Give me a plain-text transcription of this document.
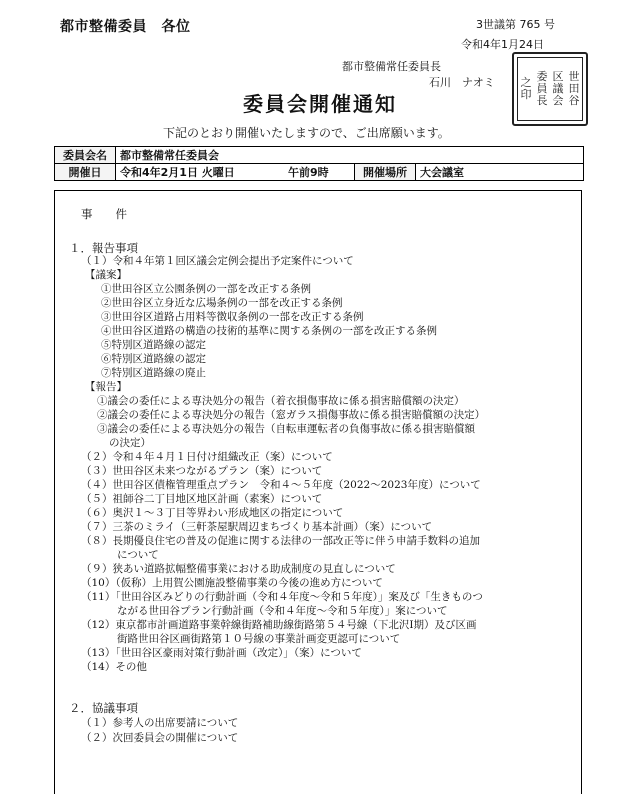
都市整備委員　各位	3世議第 765 号
令和4年1月24日
都市整備常任委員長
石川　ナオミ	世
田
谷
区
議
会
委
員
長
之
印
委員会開催通知
下記のとおり開催いたしますので、ご出席願います。
委員会名	都市整備常任委員会			
開催日	令和4年2月1日 火曜日	午前9時	開催場所	大会議室
事　　件
１．報告事項
（１）令和４年第１回区議会定例会提出予定案件について
【議案】
①世田谷区立公園条例の一部を改正する条例
②世田谷区立身近な広場条例の一部を改正する条例
③世田谷区道路占用料等徴収条例の一部を改正する条例
④世田谷区道路の構造の技術的基準に関する条例の一部を改正する条例
⑤特別区道路線の認定
⑥特別区道路線の認定
⑦特別区道路線の廃止
【報告】
①議会の委任による専決処分の報告（着衣損傷事故に係る損害賠償額の決定）
②議会の委任による専決処分の報告（窓ガラス損傷事故に係る損害賠償額の決定）
③議会の委任による専決処分の報告（自転車運転者の負傷事故に係る損害賠償額
の決定）
（２）令和４年４月１日付け組織改正（案）について
（３）世田谷区未来つながるプラン（案）について
（４）世田谷区債権管理重点プラン　令和４～５年度（2022～2023年度）について
（５）祖師谷二丁目地区地区計画（素案）について
（６）奥沢１～３丁目等界わい形成地区の指定について
（７）三茶のミライ（三軒茶屋駅周辺まちづくり基本計画）（案）について
（８）長期優良住宅の普及の促進に関する法律の一部改正等に伴う申請手数料の追加
について
（９）狭あい道路拡幅整備事業における助成制度の見直しについて
（10）（仮称）上用賀公園施設整備事業の今後の進め方について
（11）「世田谷区みどりの行動計画（令和４年度～令和５年度）」案及び「生きものつ
ながる世田谷プラン行動計画（令和４年度～令和５年度）」案について
（12）東京都市計画道路事業幹線街路補助線街路第５４号線（下北沢Ⅰ期）及び区画
街路世田谷区画街路第１０号線の事業計画変更認可について
（13）「世田谷区豪雨対策行動計画（改定）」（案）について
（14）その他
２．協議事項
（１）参考人の出席要請について
（２）次回委員会の開催について
